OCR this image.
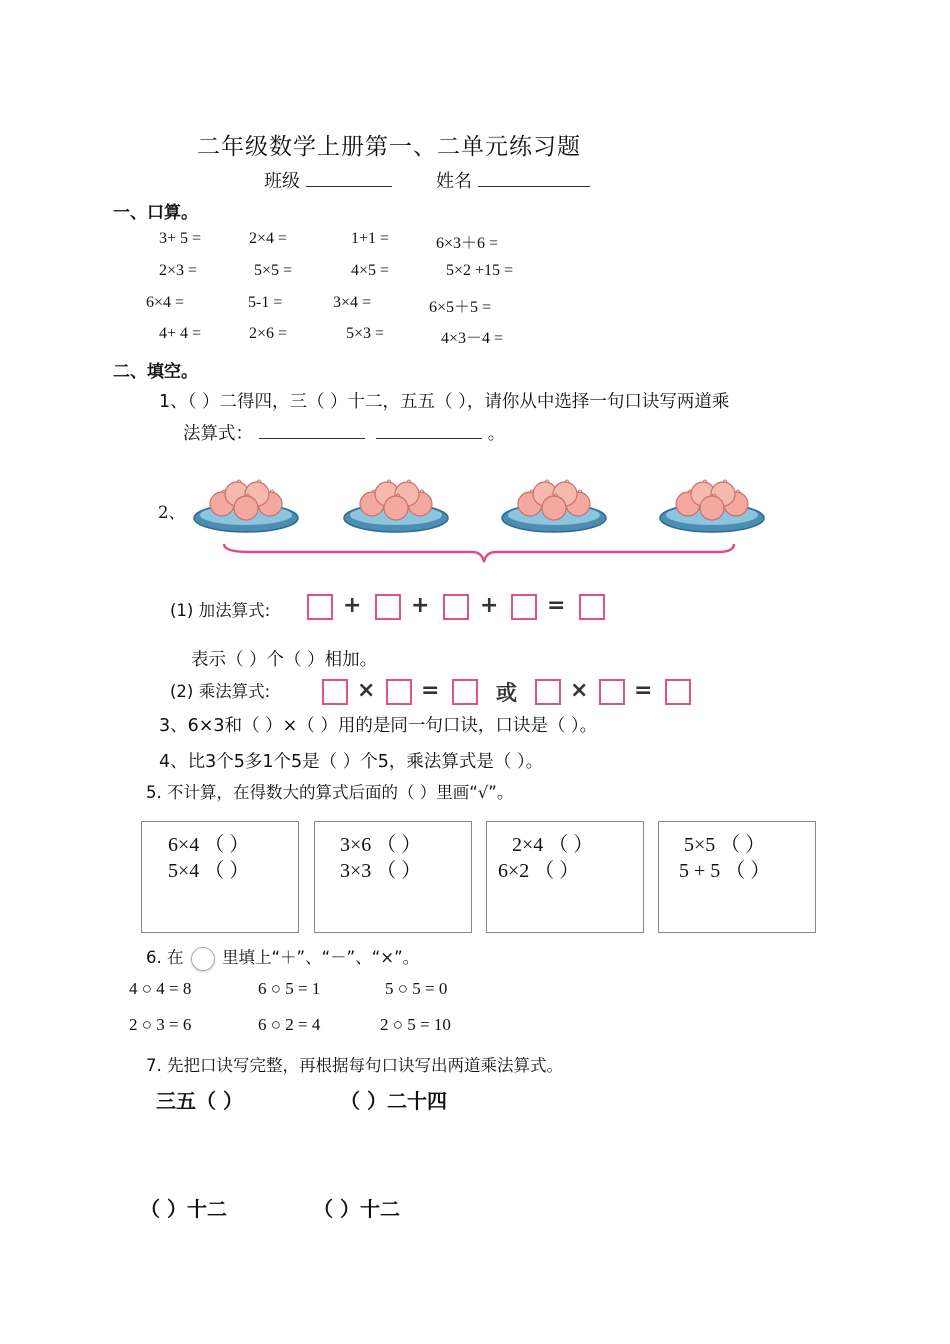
二年级数学上册第一、二单元练习题
班级	姓名
一、口算。
3+ 5 =	2×4 =	1+1 =	6×3＋6 =
2×3 =	5×5 =	4×5 =	5×2 +15 =
6×4 =	5-1 =	3×4 =	6×5＋5 =
4+ 4 =	2×6 =	5×3 =	4×3－4 =
二、填空。
1、（ ）二得四，三（ ）十二，五五（ ），请你从中选择一句口诀写两道乘
法算式：	。
2、
(1) 加法算式:	+ + + =
表示（ ）个（ ）相加。
(2) 乘法算式:	× =	或 × =
3、6×3和（ ）×（ ）用的是同一句口诀，口诀是（ ）。
4、比3个5多1个5是（ ）个5，乘法算式是（ ）。
5. 不计算，在得数大的算式后面的（ ）里画“√”。
6×4 （ ）
5×4 （ ）
3×6 （ ）
3×3 （ ）
2×4 （ ）
6×2 （ ）
5×5 （ ）
5 + 5 （ ）
6. 在 里填上“＋”、“－”、“×”。
4 ○ 4 = 8	6 ○ 5 = 1	5 ○ 5 = 0
2 ○ 3 = 6	6 ○ 2 = 4	2 ○ 5 = 10
7. 先把口诀写完整，再根据每句口诀写出两道乘法算式。
三五（ ）	（ ）二十四
（ ）十二	（ ）十二
